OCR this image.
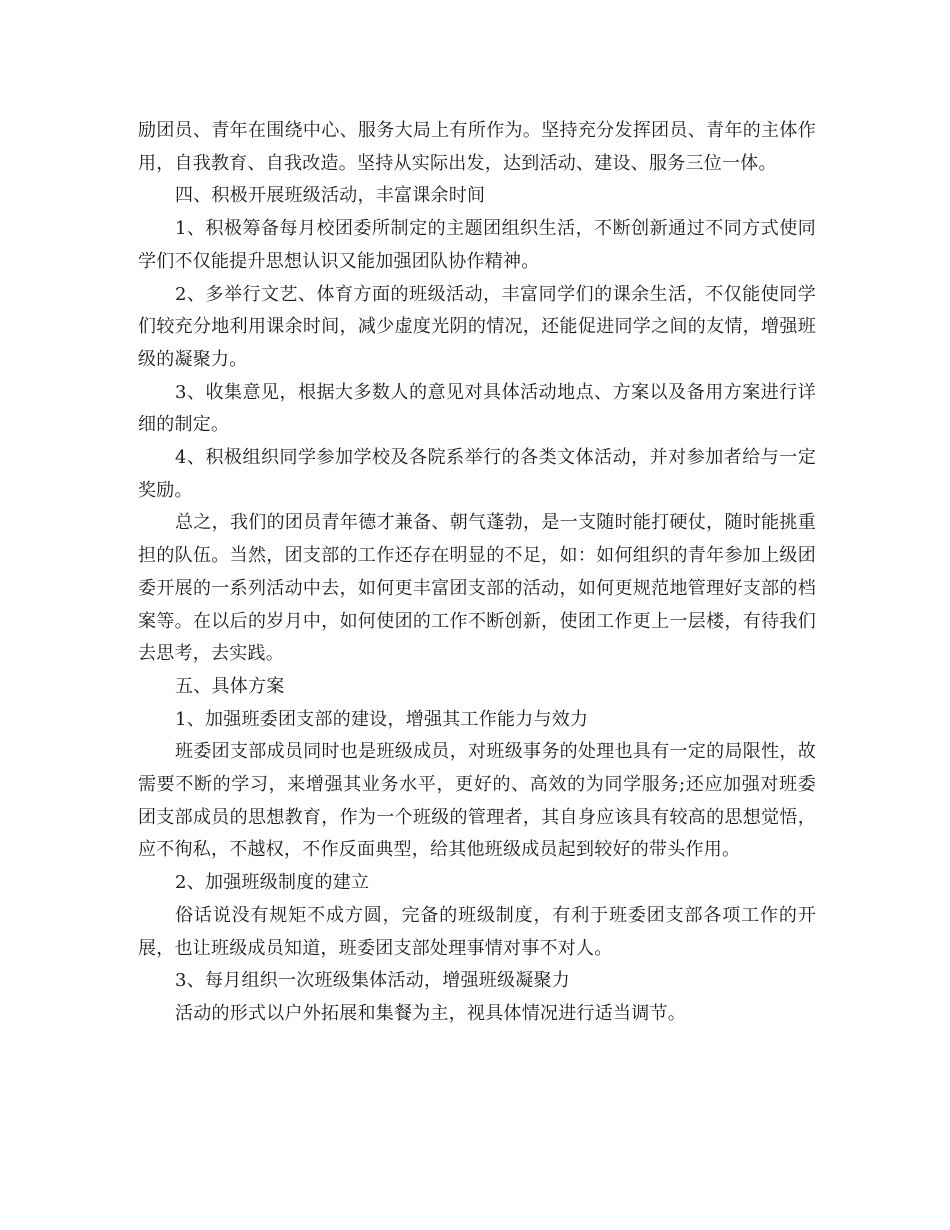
励团员、青年在围绕中心、服务大局上有所作为。坚持充分发挥团员、青年的主体作用，自我教育、自我改造。坚持从实际出发，达到活动、建设、服务三位一体。

四、积极开展班级活动，丰富课余时间

1、积极筹备每月校团委所制定的主题团组织生活，不断创新通过不同方式使同学们不仅能提升思想认识又能加强团队协作精神。

2、多举行文艺、体育方面的班级活动，丰富同学们的课余生活，不仅能使同学们较充分地利用课余时间，减少虚度光阴的情况，还能促进同学之间的友情，增强班级的凝聚力。

3、收集意见，根据大多数人的意见对具体活动地点、方案以及备用方案进行详细的制定。

4、积极组织同学参加学校及各院系举行的各类文体活动，并对参加者给与一定奖励。

总之，我们的团员青年德才兼备、朝气蓬勃，是一支随时能打硬仗，随时能挑重担的队伍。当然，团支部的工作还存在明显的不足，如：如何组织的青年参加上级团委开展的一系列活动中去，如何更丰富团支部的活动，如何更规范地管理好支部的档案等。在以后的岁月中，如何使团的工作不断创新，使团工作更上一层楼，有待我们去思考，去实践。

五、具体方案

1、加强班委团支部的建设，增强其工作能力与效力

班委团支部成员同时也是班级成员，对班级事务的处理也具有一定的局限性，故需要不断的学习，来增强其业务水平，更好的、高效的为同学服务;还应加强对班委团支部成员的思想教育，作为一个班级的管理者，其自身应该具有较高的思想觉悟，应不徇私，不越权，不作反面典型，给其他班级成员起到较好的带头作用。

2、加强班级制度的建立

俗话说没有规矩不成方圆，完备的班级制度，有利于班委团支部各项工作的开展，也让班级成员知道，班委团支部处理事情对事不对人。

3、每月组织一次班级集体活动，增强班级凝聚力

活动的形式以户外拓展和集餐为主，视具体情况进行适当调节。
